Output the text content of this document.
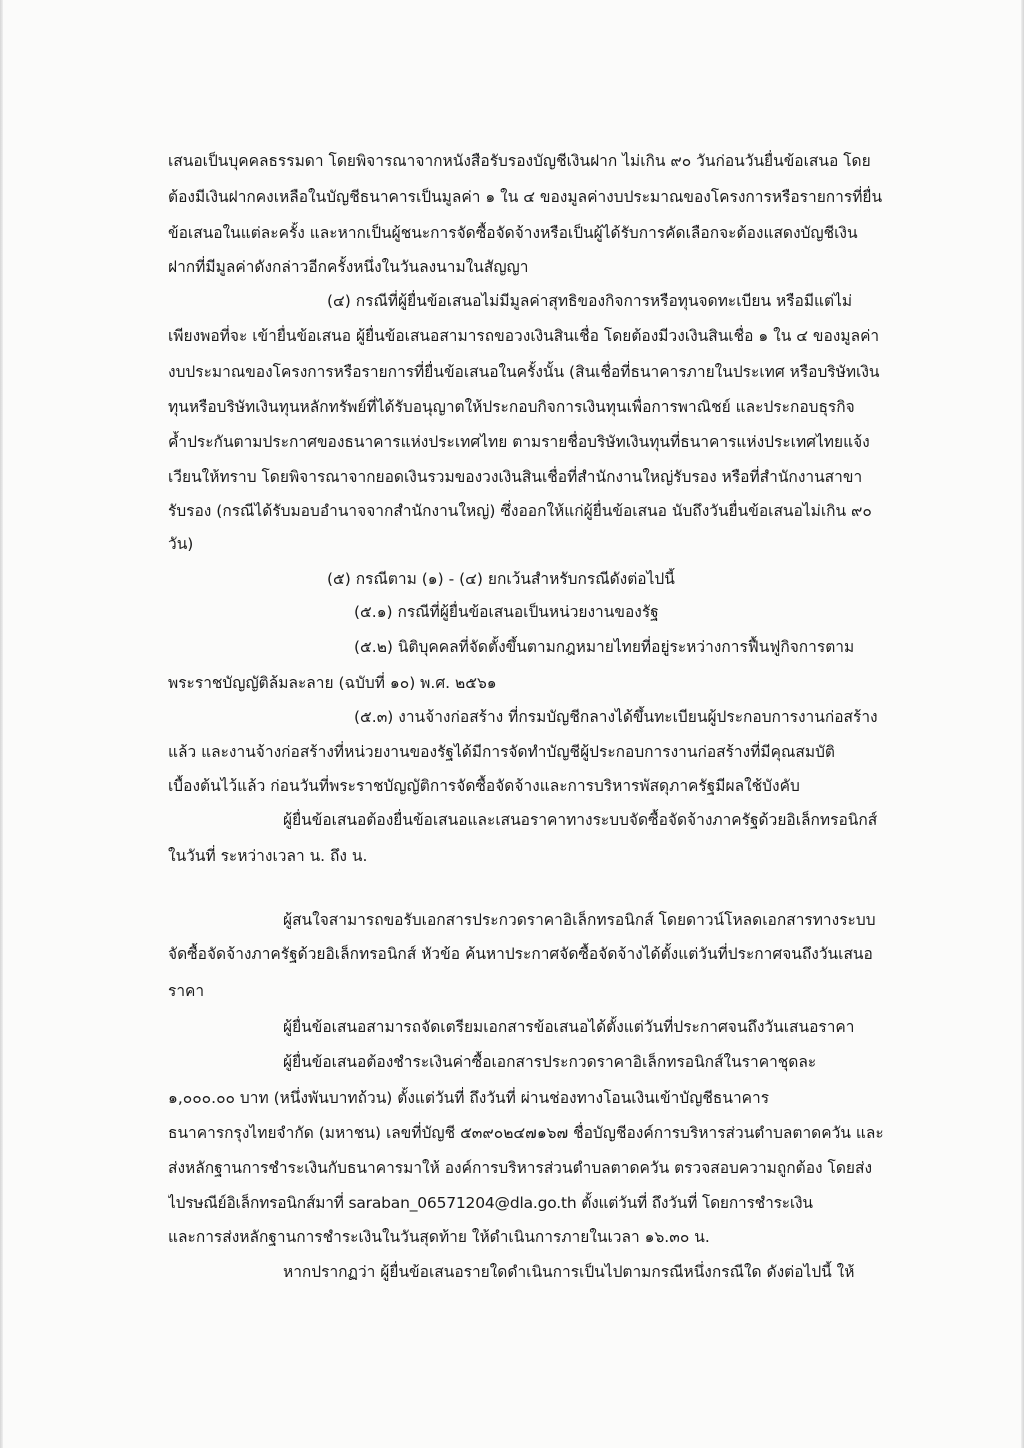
เสนอเป็นบุคคลธรรมดา โดยพิจารณาจากหนังสือรับรองบัญชีเงินฝาก ไม่เกิน ๙๐ วันก่อนวันยื่นข้อเสนอ โดย
ต้องมีเงินฝากคงเหลือในบัญชีธนาคารเป็นมูลค่า ๑ ใน ๔ ของมูลค่างบประมาณของโครงการหรือรายการที่ยื่น
ข้อเสนอในแต่ละครั้ง และหากเป็นผู้ชนะการจัดซื้อจัดจ้างหรือเป็นผู้ได้รับการคัดเลือกจะต้องแสดงบัญชีเงิน
ฝากที่มีมูลค่าดังกล่าวอีกครั้งหนึ่งในวันลงนามในสัญญา
(๔) กรณีที่ผู้ยื่นข้อเสนอไม่มีมูลค่าสุทธิของกิจการหรือทุนจดทะเบียน หรือมีแต่ไม่
เพียงพอที่จะ เข้ายื่นข้อเสนอ ผู้ยื่นข้อเสนอสามารถขอวงเงินสินเชื่อ โดยต้องมีวงเงินสินเชื่อ ๑ ใน ๔ ของมูลค่า
งบประมาณของโครงการหรือรายการที่ยื่นข้อเสนอในครั้งนั้น (สินเชื่อที่ธนาคารภายในประเทศ หรือบริษัทเงิน
ทุนหรือบริษัทเงินทุนหลักทรัพย์ที่ได้รับอนุญาตให้ประกอบกิจการเงินทุนเพื่อการพาณิชย์ และประกอบธุรกิจ
ค้ำประกันตามประกาศของธนาคารแห่งประเทศไทย ตามรายชื่อบริษัทเงินทุนที่ธนาคารแห่งประเทศไทยแจ้ง
เวียนให้ทราบ โดยพิจารณาจากยอดเงินรวมของวงเงินสินเชื่อที่สำนักงานใหญ่รับรอง หรือที่สำนักงานสาขา
รับรอง (กรณีได้รับมอบอำนาจจากสำนักงานใหญ่) ซึ่งออกให้แก่ผู้ยื่นข้อเสนอ นับถึงวันยื่นข้อเสนอไม่เกิน ๙๐
วัน)
(๕) กรณีตาม (๑) - (๔) ยกเว้นสำหรับกรณีดังต่อไปนี้
(๕.๑) กรณีที่ผู้ยื่นข้อเสนอเป็นหน่วยงานของรัฐ
(๕.๒) นิติบุคคลที่จัดตั้งขึ้นตามกฎหมายไทยที่อยู่ระหว่างการฟื้นฟูกิจการตาม
พระราชบัญญัติล้มละลาย (ฉบับที่ ๑๐) พ.ศ. ๒๕๖๑
(๕.๓) งานจ้างก่อสร้าง ที่กรมบัญชีกลางได้ขึ้นทะเบียนผู้ประกอบการงานก่อสร้าง
แล้ว และงานจ้างก่อสร้างที่หน่วยงานของรัฐได้มีการจัดทำบัญชีผู้ประกอบการงานก่อสร้างที่มีคุณสมบัติ
เบื้องต้นไว้แล้ว ก่อนวันที่พระราชบัญญัติการจัดซื้อจัดจ้างและการบริหารพัสดุภาครัฐมีผลใช้บังคับ
ผู้ยื่นข้อเสนอต้องยื่นข้อเสนอและเสนอราคาทางระบบจัดซื้อจัดจ้างภาครัฐด้วยอิเล็กทรอนิกส์
ในวันที่ ระหว่างเวลา น. ถึง น.
ผู้สนใจสามารถขอรับเอกสารประกวดราคาอิเล็กทรอนิกส์ โดยดาวน์โหลดเอกสารทางระบบ
จัดซื้อจัดจ้างภาครัฐด้วยอิเล็กทรอนิกส์ หัวข้อ ค้นหาประกาศจัดซื้อจัดจ้างได้ตั้งแต่วันที่ประกาศจนถึงวันเสนอ
ราคา
ผู้ยื่นข้อเสนอสามารถจัดเตรียมเอกสารข้อเสนอได้ตั้งแต่วันที่ประกาศจนถึงวันเสนอราคา
ผู้ยื่นข้อเสนอต้องชำระเงินค่าซื้อเอกสารประกวดราคาอิเล็กทรอนิกส์ในราคาชุดละ
๑,๐๐๐.๐๐ บาท (หนึ่งพันบาทถ้วน) ตั้งแต่วันที่ ถึงวันที่ ผ่านช่องทางโอนเงินเข้าบัญชีธนาคาร
ธนาคารกรุงไทยจำกัด (มหาชน) เลขที่บัญชี ๕๓๙๐๒๔๗๑๖๗ ชื่อบัญชีองค์การบริหารส่วนตำบลตาดควัน และ
ส่งหลักฐานการชำระเงินกับธนาคารมาให้ องค์การบริหารส่วนตำบลตาดควัน ตรวจสอบความถูกต้อง โดยส่ง
ไปรษณีย์อิเล็กทรอนิกส์มาที่ saraban_06571204@dla.go.th ตั้งแต่วันที่ ถึงวันที่ โดยการชำระเงิน
และการส่งหลักฐานการชำระเงินในวันสุดท้าย ให้ดำเนินการภายในเวลา ๑๖.๓๐ น.
หากปรากฏว่า ผู้ยื่นข้อเสนอรายใดดำเนินการเป็นไปตามกรณีหนึ่งกรณีใด ดังต่อไปนี้ ให้
